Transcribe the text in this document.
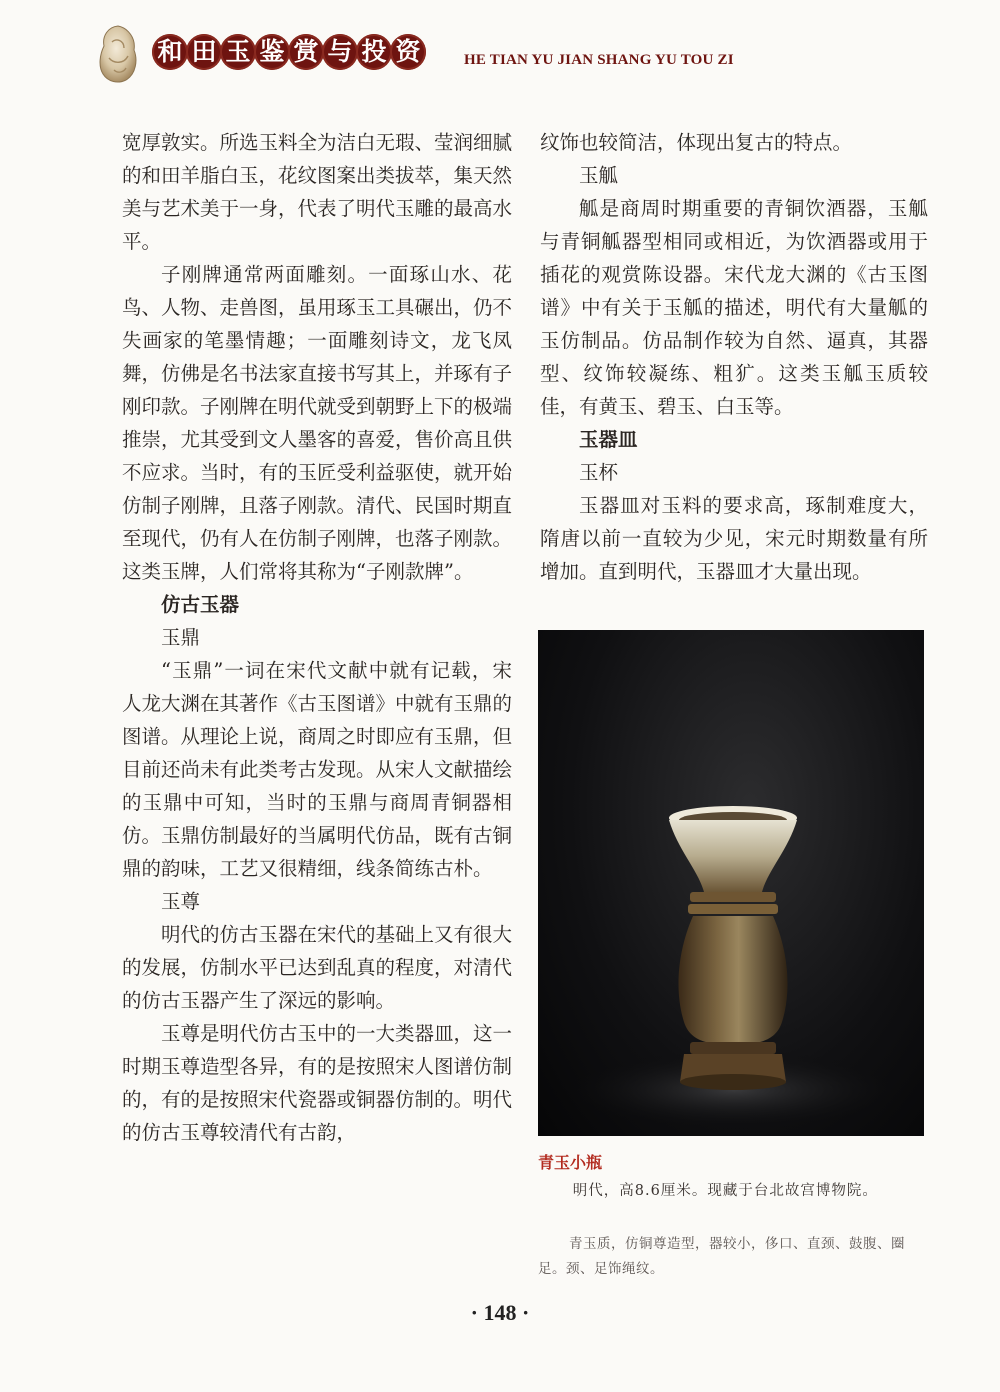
和 田 玉 鉴 赏 与 投 资	HE TIAN YU JIAN SHANG YU TOU ZI

宽厚敦实。所选玉料全为洁白无瑕、莹润细腻的和田羊脂白玉，花纹图案出类拔萃，集天然美与艺术美于一身，代表了明代玉雕的最高水平。

子刚牌通常两面雕刻。一面琢山水、花鸟、人物、走兽图，虽用琢玉工具碾出，仍不失画家的笔墨情趣；一面雕刻诗文，龙飞凤舞，仿佛是名书法家直接书写其上，并琢有子刚印款。子刚牌在明代就受到朝野上下的极端推崇，尤其受到文人墨客的喜爱，售价高且供不应求。当时，有的玉匠受利益驱使，就开始仿制子刚牌，且落子刚款。清代、民国时期直至现代，仍有人在仿制子刚牌，也落子刚款。这类玉牌，人们常将其称为“子刚款牌”。

仿古玉器
玉鼎

“玉鼎”一词在宋代文献中就有记载，宋人龙大渊在其著作《古玉图谱》中就有玉鼎的图谱。从理论上说，商周之时即应有玉鼎，但目前还尚未有此类考古发现。从宋人文献描绘的玉鼎中可知，当时的玉鼎与商周青铜器相仿。玉鼎仿制最好的当属明代仿品，既有古铜鼎的韵味，工艺又很精细，线条简练古朴。

玉尊

明代的仿古玉器在宋代的基础上又有很大的发展，仿制水平已达到乱真的程度，对清代的仿古玉器产生了深远的影响。

玉尊是明代仿古玉中的一大类器皿，这一时期玉尊造型各异，有的是按照宋人图谱仿制的，有的是按照宋代瓷器或铜器仿制的。明代的仿古玉尊较清代有古韵，

纹饰也较简洁，体现出复古的特点。

玉觚

觚是商周时期重要的青铜饮酒器，玉觚与青铜觚器型相同或相近，为饮酒器或用于插花的观赏陈设器。宋代龙大渊的《古玉图谱》中有关于玉觚的描述，明代有大量觚的玉仿制品。仿品制作较为自然、逼真，其器型、纹饰较凝练、粗犷。这类玉觚玉质较佳，有黄玉、碧玉、白玉等。

玉器皿
玉杯

玉器皿对玉料的要求高，琢制难度大，隋唐以前一直较为少见，宋元时期数量有所增加。直到明代，玉器皿才大量出现。

青玉小瓶
明代，高8.6厘米。现藏于台北故宫博物院。
青玉质，仿铜尊造型，器较小，侈口、直颈、鼓腹、圈足。颈、足饰绳纹。
· 148 ·
